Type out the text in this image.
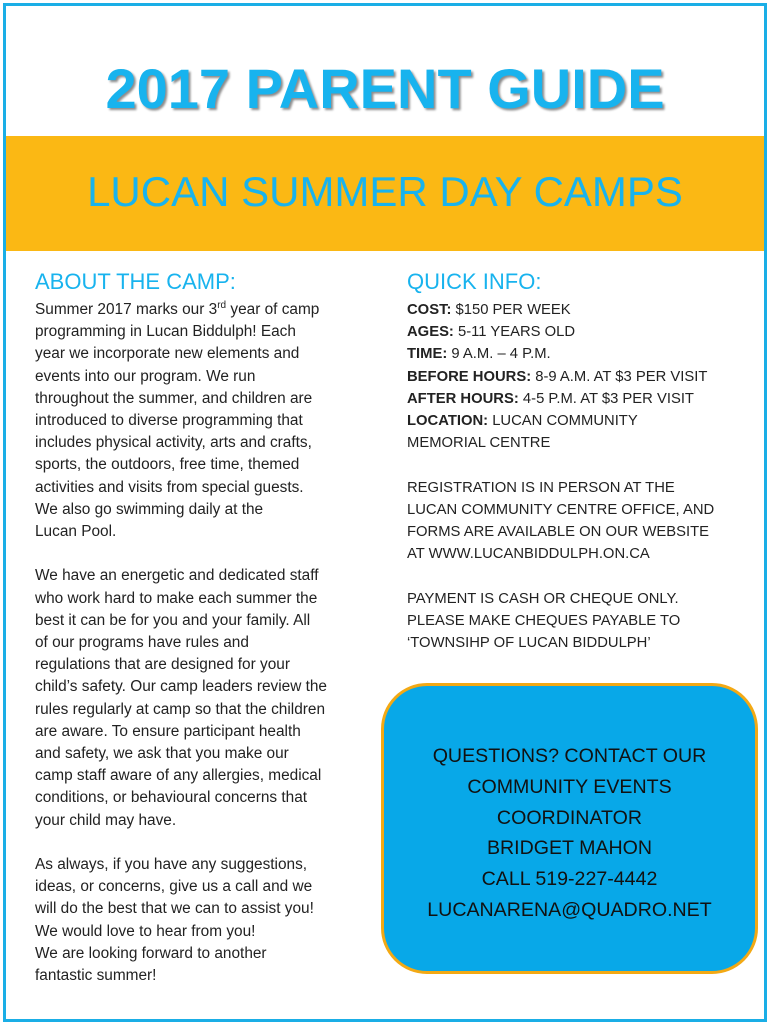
2017 PARENT GUIDE
LUCAN SUMMER DAY CAMPS
ABOUT THE CAMP:

Summer 2017 marks our 3rd year of camp
programming in Lucan Biddulph! Each
year we incorporate new elements and
events into our program. We run
throughout the summer, and children are
introduced to diverse programming that
includes physical activity, arts and crafts,
sports, the outdoors, free time, themed
activities and visits from special guests.
We also go swimming daily at the
Lucan Pool.

We have an energetic and dedicated staff
who work hard to make each summer the
best it can be for you and your family. All
of our programs have rules and
regulations that are designed for your
child’s safety. Our camp leaders review the
rules regularly at camp so that the children
are aware. To ensure participant health
and safety, we ask that you make our
camp staff aware of any allergies, medical
conditions, or behavioural concerns that
your child may have.

As always, if you have any suggestions,
ideas, or concerns, give us a call and we
will do the best that we can to assist you!
We would love to hear from you!
We are looking forward to another
fantastic summer!

QUICK INFO:
COST: $150 PER WEEK
AGES: 5-11 YEARS OLD
TIME: 9 A.M. – 4 P.M.
BEFORE HOURS: 8-9 A.M. AT $3 PER VISIT
AFTER HOURS: 4-5 P.M. AT $3 PER VISIT
LOCATION: LUCAN COMMUNITY
MEMORIAL CENTRE
REGISTRATION IS IN PERSON AT THE
LUCAN COMMUNITY CENTRE OFFICE, AND
FORMS ARE AVAILABLE ON OUR WEBSITE
AT WWW.LUCANBIDDULPH.ON.CA
PAYMENT IS CASH OR CHEQUE ONLY.
PLEASE MAKE CHEQUES PAYABLE TO
‘TOWNSIHP OF LUCAN BIDDULPH’
QUESTIONS? CONTACT OUR
COMMUNITY EVENTS
COORDINATOR
BRIDGET MAHON
CALL 519-227-4442
LUCANARENA@QUADRO.NET
